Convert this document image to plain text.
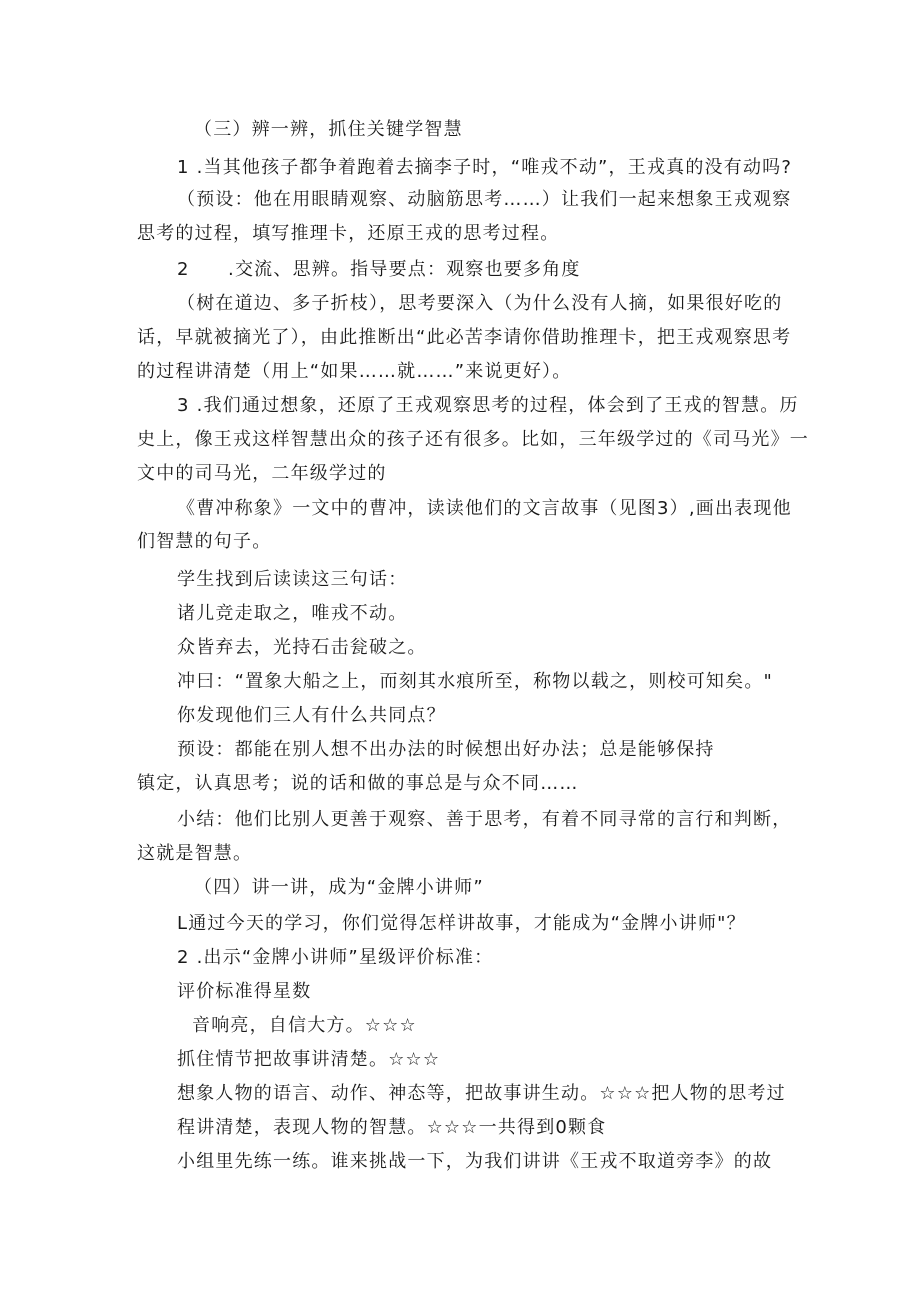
（三）辨一辨，抓住关键学智慧
1 .当其他孩子都争着跑着去摘李子时，“唯戎不动”，王戎真的没有动吗?
（预设：他在用眼睛观察、动脑筋思考……）让我们一起来想象王戎观察
思考的过程，填写推理卡，还原王戎的思考过程。
2　　.交流、思辨。指导要点：观察也要多角度
（树在道边、多子折枝），思考要深入（为什么没有人摘，如果很好吃的
话，早就被摘光了），由此推断出“此必苦李请你借助推理卡，把王戎观察思考
的过程讲清楚（用上“如果……就……”来说更好）。
3 .我们通过想象，还原了王戎观察思考的过程，体会到了王戎的智慧。历
史上，像王戎这样智慧出众的孩子还有很多。比如，三年级学过的《司马光》一
文中的司马光，二年级学过的
《曹冲称象》一文中的曹冲，读读他们的文言故事（见图3）,画出表现他
们智慧的句子。
学生找到后读读这三句话：
诸儿竞走取之，唯戎不动。
众皆弃去，光持石击瓮破之。
冲曰：“置象大船之上，而刻其水痕所至，称物以载之，则校可知矣。"
你发现他们三人有什么共同点？
预设：都能在别人想不出办法的时候想出好办法；总是能够保持
镇定，认真思考；说的话和做的事总是与众不同……
小结：他们比别人更善于观察、善于思考，有着不同寻常的言行和判断，
这就是智慧。
（四）讲一讲，成为“金牌小讲师”
L通过今天的学习，你们觉得怎样讲故事，才能成为“金牌小讲师"？
2 .出示“金牌小讲师”星级评价标准：
评价标准得星数
音响亮，自信大方。☆☆☆
抓住情节把故事讲清楚。☆☆☆
想象人物的语言、动作、神态等，把故事讲生动。☆☆☆把人物的思考过
程讲清楚，表现人物的智慧。☆☆☆一共得到0颗食
小组里先练一练。谁来挑战一下，为我们讲讲《王戎不取道旁李》的故
